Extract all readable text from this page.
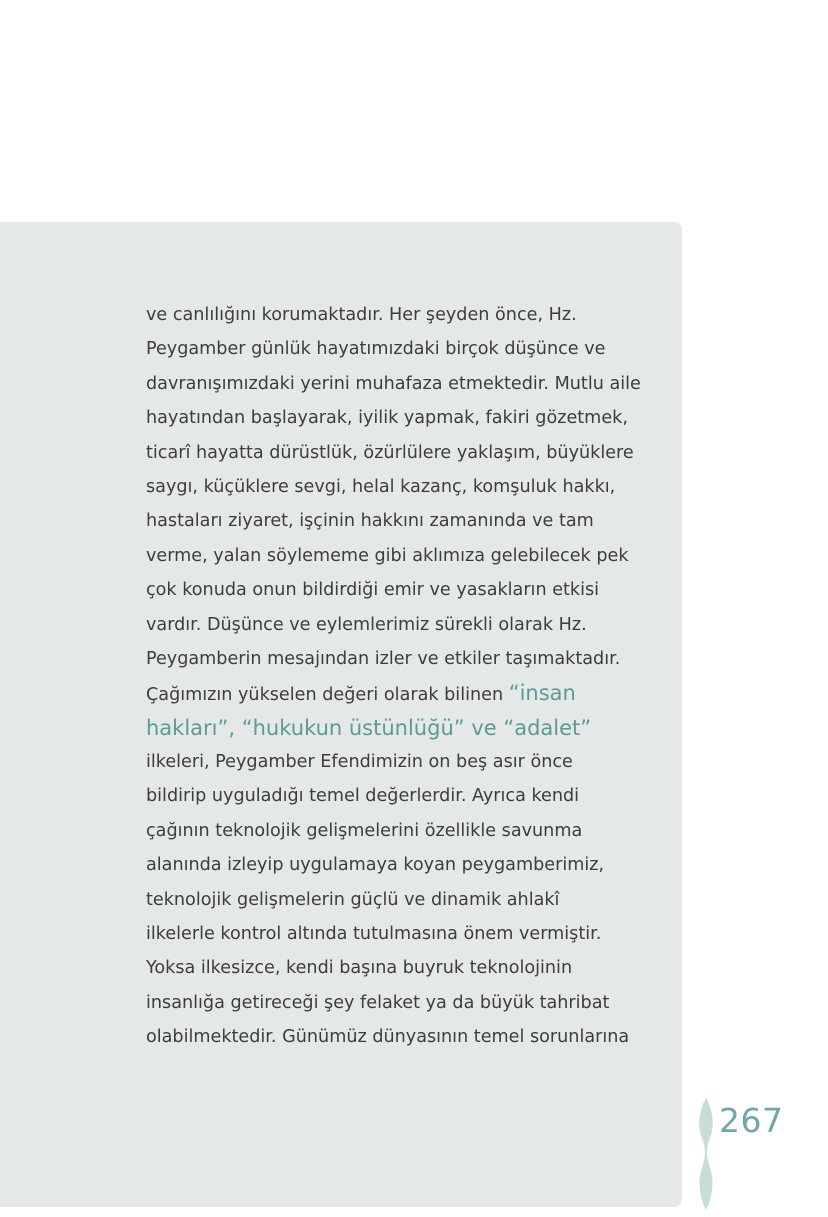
ve canlılığını korumaktadır. Her şeyden önce, Hz.
Peygamber günlük hayatımızdaki birçok düşünce ve
davranışımızdaki yerini muhafaza etmektedir. Mutlu aile
hayatından başlayarak, iyilik yapmak, fakiri gözetmek,
ticarî hayatta dürüstlük, özürlülere yaklaşım, büyüklere
saygı, küçüklere sevgi, helal kazanç, komşuluk hakkı,
hastaları ziyaret, işçinin hakkını zamanında ve tam
verme, yalan söylememe gibi aklımıza gelebilecek pek
çok konuda onun bildirdiği emir ve yasakların etkisi
vardır. Düşünce ve eylemlerimiz sürekli olarak Hz.
Peygamberin mesajından izler ve etkiler taşımaktadır.
Çağımızın yükselen değeri olarak bilinen “insan
hakları”, “hukukun üstünlüğü” ve “adalet”
ilkeleri, Peygamber Efendimizin on beş asır önce
bildirip uyguladığı temel değerlerdir. Ayrıca kendi
çağının teknolojik gelişmelerini özellikle savunma
alanında izleyip uygulamaya koyan peygamberimiz,
teknolojik gelişmelerin güçlü ve dinamik ahlakî
ilkelerle kontrol altında tutulmasına önem vermiştir.
Yoksa ilkesizce, kendi başına buyruk teknolojinin
insanlığa getireceği şey felaket ya da büyük tahribat
olabilmektedir. Günümüz dünyasının temel sorunlarına
267
